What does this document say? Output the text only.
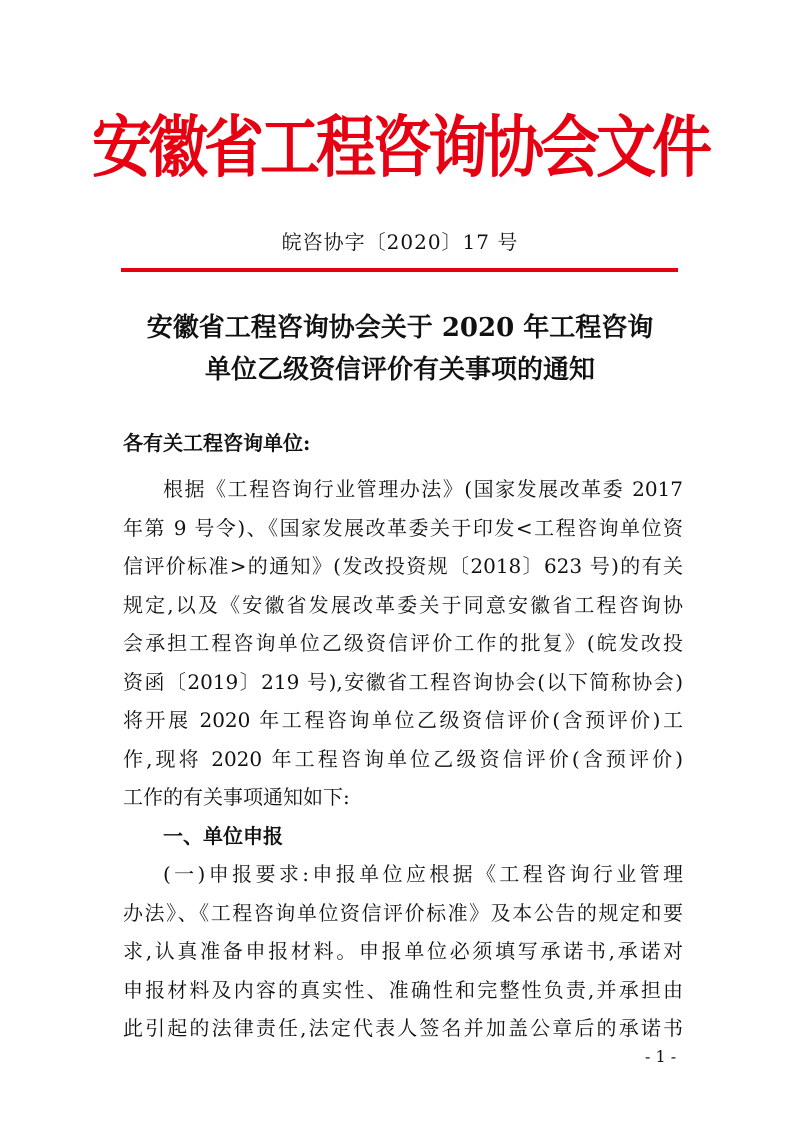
安徽省工程咨询协会文件
皖咨协字〔2020〕17 号
安徽省工程咨询协会关于 2020 年工程咨询
单位乙级资信评价有关事项的通知
各有关工程咨询单位:
根据《工程咨询行业管理办法》(国家发展改革委 2017
年第 9 号令)、《国家发展改革委关于印发<工程咨询单位资
信评价标准>的通知》(发改投资规〔2018〕623 号)的有关
规定,以及《安徽省发展改革委关于同意安徽省工程咨询协
会承担工程咨询单位乙级资信评价工作的批复》(皖发改投
资函〔2019〕219 号),安徽省工程咨询协会(以下简称协会)
将开展 2020 年工程咨询单位乙级资信评价(含预评价)工
作,现将 2020 年工程咨询单位乙级资信评价(含预评价)
工作的有关事项通知如下:
一、单位申报
(一)申报要求:申报单位应根据《工程咨询行业管理
办法》、《工程咨询单位资信评价标准》及本公告的规定和要
求,认真准备申报材料。申报单位必须填写承诺书,承诺对
申报材料及内容的真实性、准确性和完整性负责,并承担由
此引起的法律责任,法定代表人签名并加盖公章后的承诺书
- 1 -
